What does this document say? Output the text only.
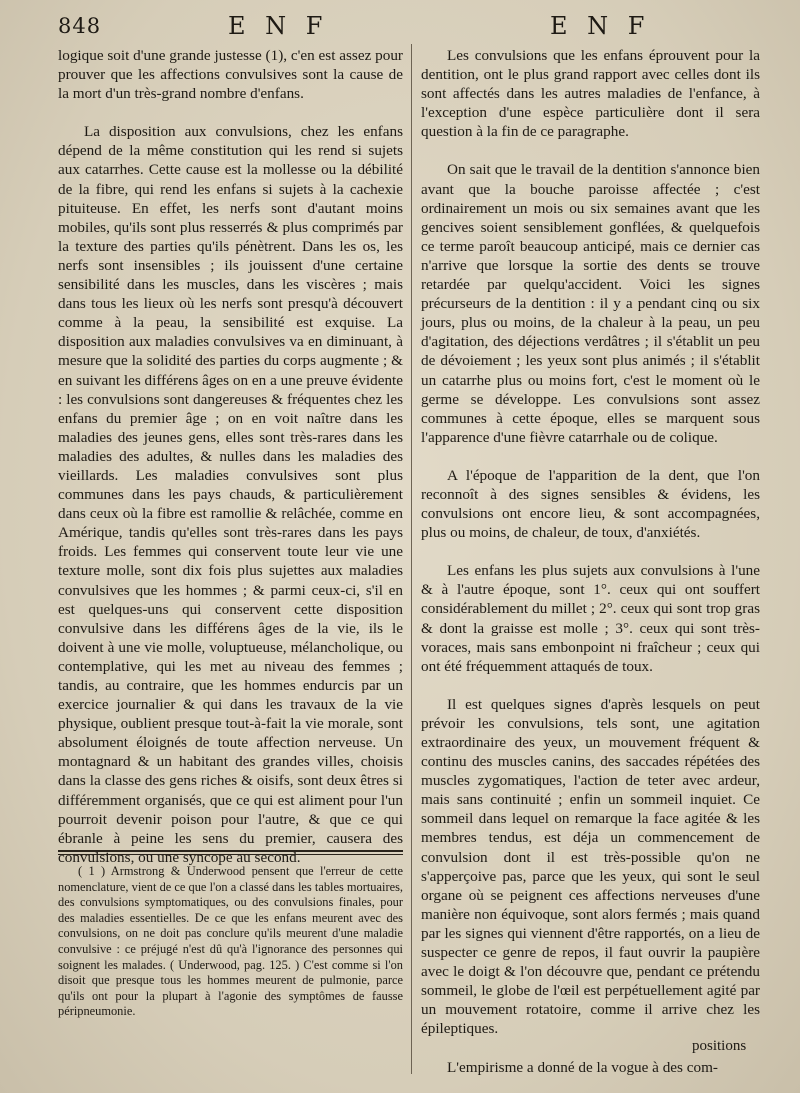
848	E N F	E N F

logique soit d'une grande justesse (1), c'en est assez pour prouver que les affections convulsives sont la cause de la mort d'un très-grand nombre d'enfans.

La disposition aux convulsions, chez les enfans dépend de la même constitution qui les rend si sujets aux catarrhes. Cette cause est la mollesse ou la débilité de la fibre, qui rend les enfans si sujets à la cachexie pituiteuse. En effet, les nerfs sont d'autant moins mobiles, qu'ils sont plus resserrés & plus comprimés par la texture des parties qu'ils pénètrent. Dans les os, les nerfs sont insensibles ; ils jouissent d'une certaine sensibilité dans les muscles, dans les viscères ; mais dans tous les lieux où les nerfs sont presqu'à découvert comme à la peau, la sensibilité est exquise. La disposition aux maladies convulsives va en diminuant, à mesure que la solidité des parties du corps augmente ; & en suivant les différens âges on en a une preuve évidente : les convulsions sont dangereuses & fréquentes chez les enfans du premier âge ; on en voit naître dans les maladies des jeunes gens, elles sont très-rares dans les maladies des adultes, & nulles dans les maladies des vieillards. Les maladies convulsives sont plus communes dans les pays chauds, & particulièrement dans ceux où la fibre est ramollie & relâchée, comme en Amérique, tandis qu'elles sont très-rares dans les pays froids. Les femmes qui conservent toute leur vie une texture molle, sont dix fois plus sujettes aux maladies convulsives que les hommes ; & parmi ceux-ci, s'il en est quelques-uns qui conservent cette disposition convulsive dans les différens âges de la vie, ils le doivent à une vie molle, voluptueuse, mélancholique, ou contemplative, qui les met au niveau des femmes ; tandis, au contraire, que les hommes endurcis par un exercice journalier & qui dans les travaux de la vie physique, oublient presque tout-à-fait la vie morale, sont absolument éloignés de toute affection nerveuse. Un montagnard & un habitant des grandes villes, choisis dans la classe des gens riches & oisifs, sont deux êtres si différemment organisés, que ce qui est aliment pour l'un pourroit devenir poison pour l'autre, & que ce qui ébranle à peine les sens du premier, causera des convulsions, ou une syncope au second.

( 1 ) Armstrong & Underwood pensent que l'erreur de cette nomenclature, vient de ce que l'on a classé dans les tables mortuaires, des convulsions symptomatiques, ou des convulsions finales, pour des maladies essentielles. De ce que les enfans meurent avec des convulsions, on ne doit pas conclure qu'ils meurent d'une maladie convulsive : ce préjugé n'est dû qu'à l'ignorance des personnes qui soignent les malades. ( Underwood, pag. 125. ) C'est comme si l'on disoit que presque tous les hommes meurent de pulmonie, parce qu'ils ont pour la plupart à l'agonie des symptômes de fausse péripneumonie.

Les convulsions que les enfans éprouvent pour la dentition, ont le plus grand rapport avec celles dont ils sont affectés dans les autres maladies de l'enfance, à l'exception d'une espèce particulière dont il sera question à la fin de ce paragraphe.

On sait que le travail de la dentition s'annonce bien avant que la bouche paroisse affectée ; c'est ordinairement un mois ou six semaines avant que les gencives soient sensiblement gonflées, & quelquefois ce terme paroît beaucoup anticipé, mais ce dernier cas n'arrive que lorsque la sortie des dents se trouve retardée par quelqu'accident. Voici les signes précurseurs de la dentition : il y a pendant cinq ou six jours, plus ou moins, de la chaleur à la peau, un peu d'agitation, des déjections verdâtres ; il s'établit un peu de dévoiement ; les yeux sont plus animés ; il s'établit un catarrhe plus ou moins fort, c'est le moment où le germe se développe. Les convulsions sont assez communes à cette époque, elles se marquent sous l'apparence d'une fièvre catarrhale ou de colique.

A l'époque de l'apparition de la dent, que l'on reconnoît à des signes sensibles & évidens, les convulsions ont encore lieu, & sont accompagnées, plus ou moins, de chaleur, de toux, d'anxiétés.

Les enfans les plus sujets aux convulsions à l'une & à l'autre époque, sont 1°. ceux qui ont souffert considérablement du millet ; 2°. ceux qui sont trop gras & dont la graisse est molle ; 3°. ceux qui sont très-voraces, mais sans embonpoint ni fraîcheur ; ceux qui ont été fréquemment attaqués de toux.

Il est quelques signes d'après lesquels on peut prévoir les convulsions, tels sont, une agitation extraordinaire des yeux, un mouvement fréquent & continu des muscles canins, des saccades répétées des muscles zygomatiques, l'action de teter avec ardeur, mais sans continuité ; enfin un sommeil inquiet. Ce sommeil dans lequel on remarque la face agitée & les membres tendus, est déja un commencement de convulsion dont il est très-possible qu'on ne s'apperçoive pas, parce que les yeux, qui sont le seul organe où se peignent ces affections nerveuses d'une manière non équivoque, sont alors fermés ; mais quand par les signes qui viennent d'être rapportés, on a lieu de suspecter ce genre de repos, il faut ouvrir la paupière avec le doigt & l'on découvre que, pendant ce prétendu sommeil, le globe de l'œil est perpétuellement agité par un mouvement rotatoire, comme il arrive chez les épileptiques.

L'empirisme a donné de la vogue à des com-

positions
